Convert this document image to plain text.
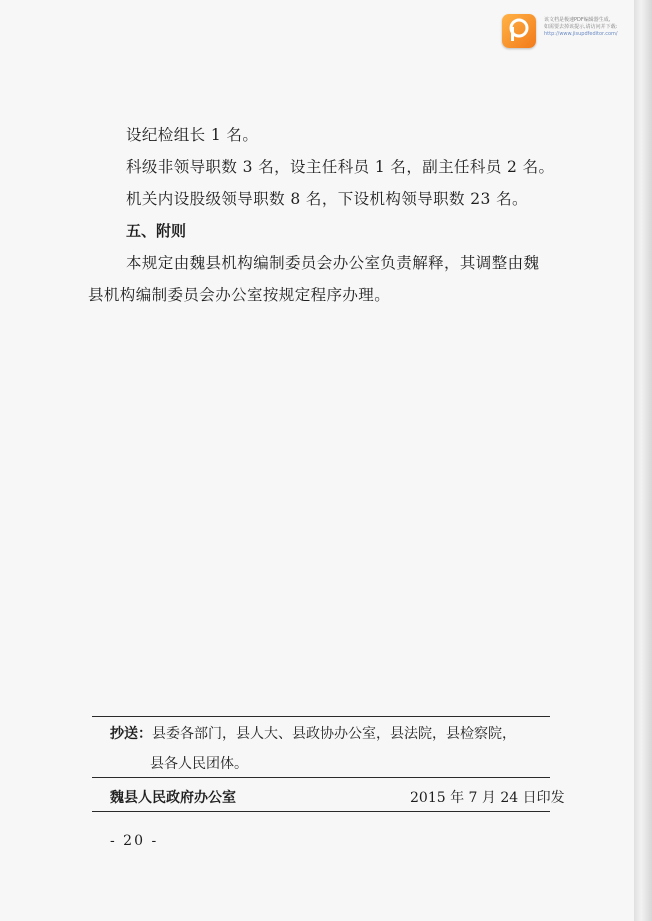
该文档是极速PDF编辑器生成,
如需要去掉该提示,请访问并下载:
http://www.jisupdfeditor.com/
设纪检组长 1 名。
科级非领导职数 3 名，设主任科员 1 名，副主任科员 2 名。
机关内设股级领导职数 8 名，下设机构领导职数 23 名。
五、附则
本规定由魏县机构编制委员会办公室负责解释，其调整由魏
县机构编制委员会办公室按规定程序办理。
抄送：县委各部门，县人大、县政协办公室，县法院，县检察院，
县各人民团体。
魏县人民政府办公室	2015 年 7 月 24 日印发
- 20 -
